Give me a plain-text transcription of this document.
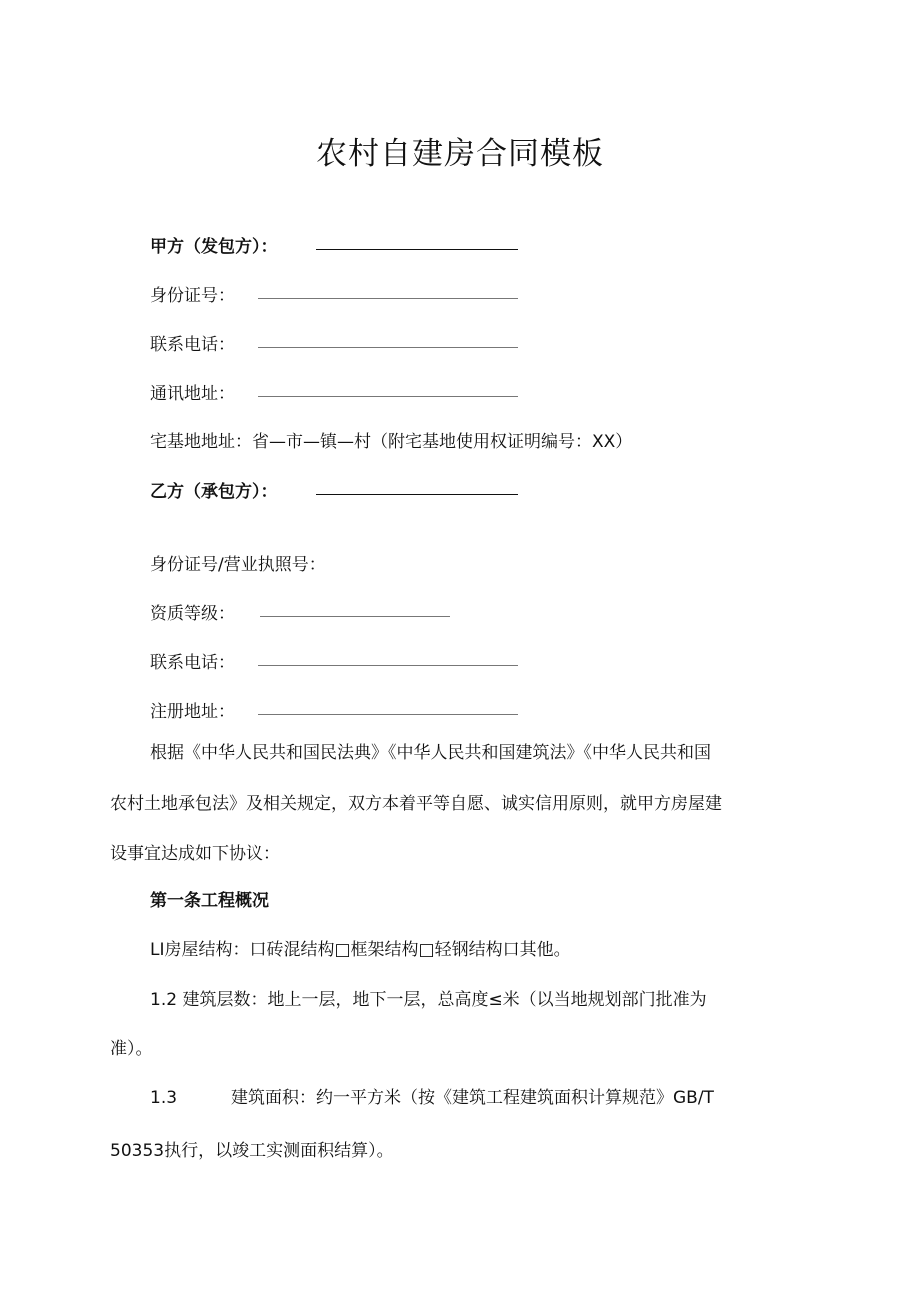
农村自建房合同模板
甲方（发包方）：
身份证号：
联系电话：
通讯地址：
宅基地地址：省—市—镇—村（附宅基地使用权证明编号：XX）
乙方（承包方）：
身份证号/营业执照号：
资质等级：
联系电话：
注册地址：
根据《中华人民共和国民法典》《中华人民共和国建筑法》《中华人民共和国
农村土地承包法》及相关规定，双方本着平等自愿、诚实信用原则，就甲方房屋建
设事宜达成如下协议：
第一条工程概况
LI房屋结构：口砖混结构□框架结构□轻钢结构口其他。
1.2 建筑层数：地上一层，地下一层，总高度≤米（以当地规划部门批准为
准）。
1.3	建筑面积：约一平方米（按《建筑工程建筑面积计算规范》GB/T
50353执行，以竣工实测面积结算）。
